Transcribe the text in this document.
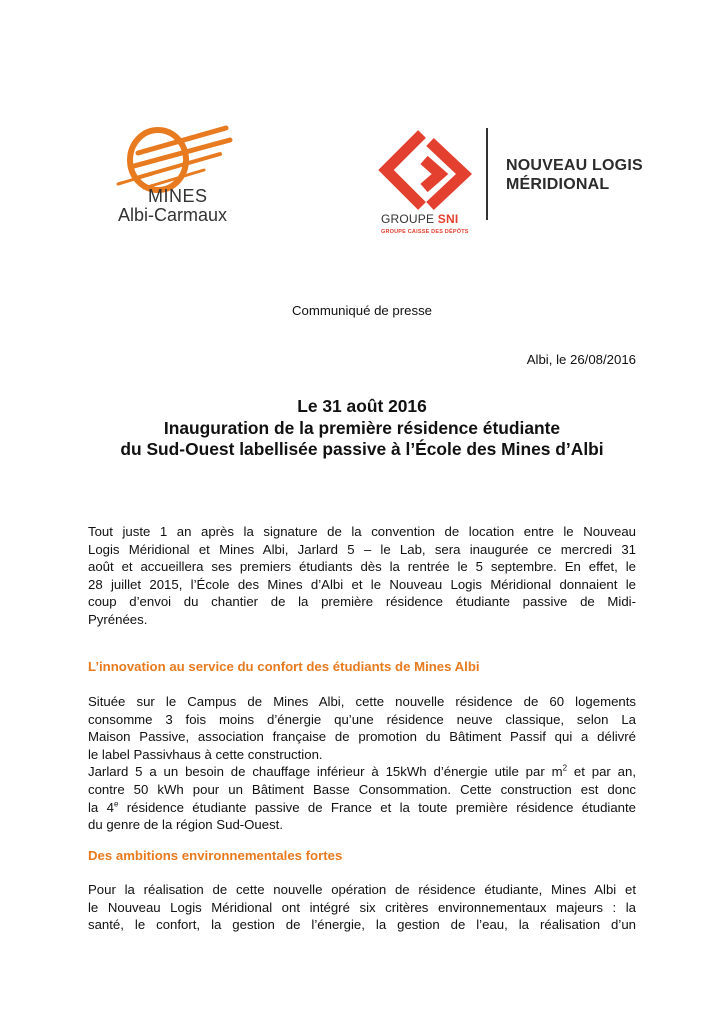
MINES
Albi-Carmaux	GROUPE SNI
GROUPE CAISSE DES DÉPÔTS
NOUVEAU LOGIS
MÉRIDIONAL
Communiqué de presse
Albi, le 26/08/2016
Le 31 août 2016
Inauguration de la première résidence étudiante
du Sud-Ouest labellisée passive à l’École des Mines d’Albi
Tout juste 1 an après la signature de la convention de location entre le Nouveau
Logis Méridional et Mines Albi, Jarlard 5 – le Lab, sera inaugurée ce mercredi 31
août et accueillera ses premiers étudiants dès la rentrée le 5 septembre. En effet, le
28 juillet 2015, l’École des Mines d’Albi et le Nouveau Logis Méridional donnaient le
coup d’envoi du chantier de la première résidence étudiante passive de Midi-
Pyrénées.
L’innovation au service du confort des étudiants de Mines Albi
Située sur le Campus de Mines Albi, cette nouvelle résidence de 60 logements
consomme 3 fois moins d’énergie qu’une résidence neuve classique, selon La
Maison Passive, association française de promotion du Bâtiment Passif qui a délivré
le label Passivhaus à cette construction.
Jarlard 5 a un besoin de chauffage inférieur à 15kWh d’énergie utile par $m^2$ et par an,
contre 50 kWh pour un Bâtiment Basse Consommation. Cette construction est donc
la 4e résidence étudiante passive de France et la toute première résidence étudiante
du genre de la région Sud-Ouest.
Des ambitions environnementales fortes
Pour la réalisation de cette nouvelle opération de résidence étudiante, Mines Albi et
le Nouveau Logis Méridional ont intégré six critères environnementaux majeurs : la
santé, le confort, la gestion de l’énergie, la gestion de l’eau, la réalisation d’un
